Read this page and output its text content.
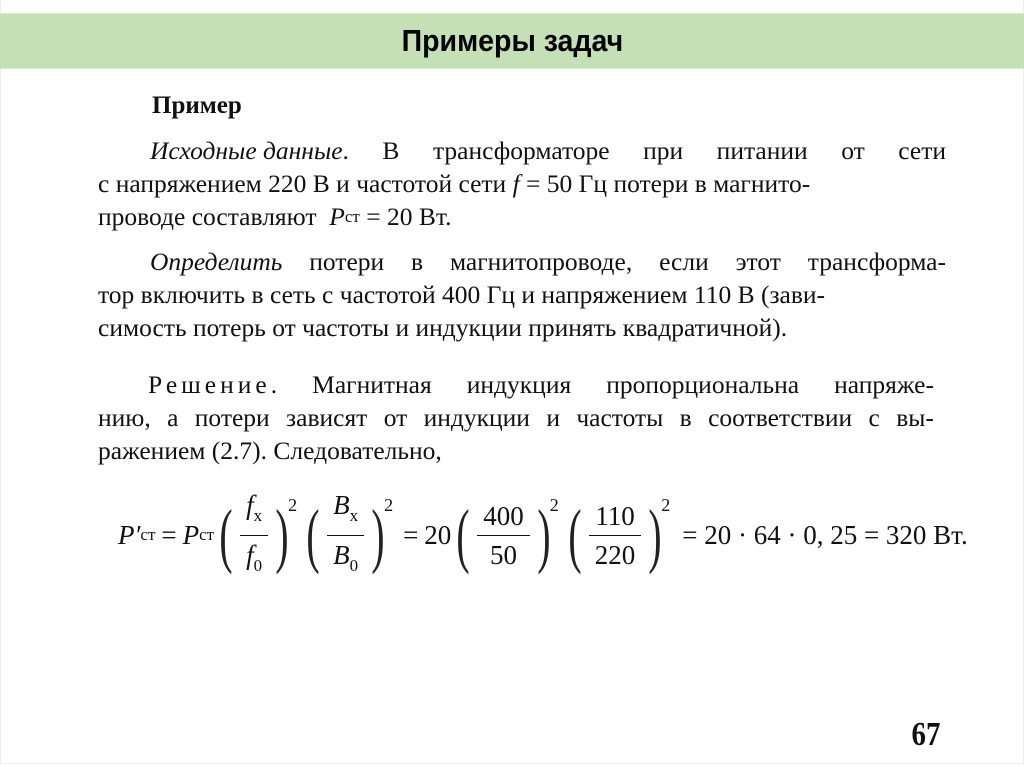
Примеры задач
Пример
Исходные данные. В трансформаторе при питании от сети
с напряжением 220 В и частотой сети
f
= 50 Гц потери в магнито-
проводе составляют
P ст
= 20 Вт.
Определить потери в магнитопроводе, если этот трансформа-
тор включить в сеть с частотой 400 Гц и напряжением 110 В (зави-
симость потерь от частоты и индукции принять квадратичной).
Решение. Магнитная индукция пропорциональна напряже-
нию, а потери зависят от индукции и частоты в соответствии с вы-
ражением (2.7). Следовательно,
P′ ст = P ст ( $\frac{f_x}{f_0}$ ) 2 ( $\frac{B_x}{B_0}$ ) 2
= 20 ( $\frac{400}{50}$ ) 2 ( $\frac{110}{220}$ ) 2
= 20 · 64 · 0, 25 = 320 Вт.
67
